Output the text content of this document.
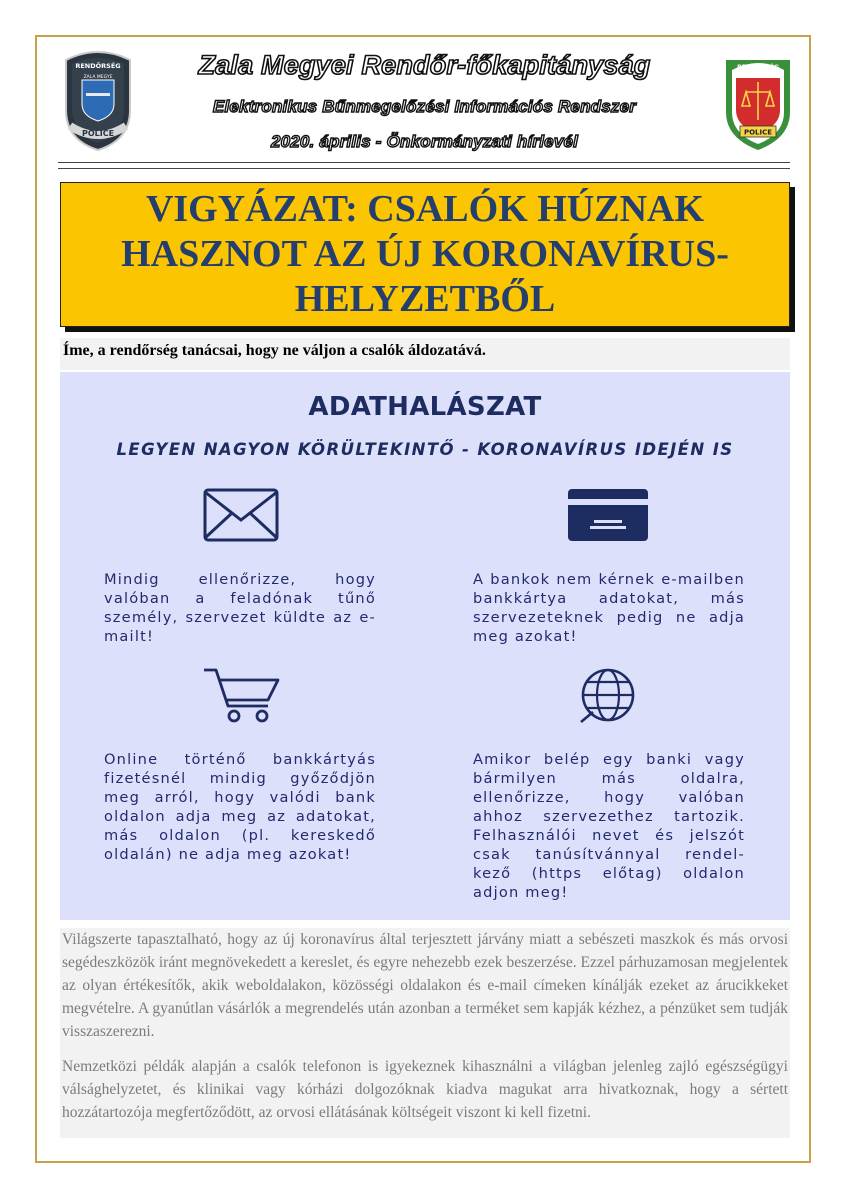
RENDŐRSÉG
ZALA MEGYE
POLICE
Zala Megyei Rendőr-főkapitányság
Elektronikus Bűnmegelőzési Információs Rendszer
2020. április - Önkormányzati hírlevél
RENDŐRSÉG
POLICE
VIGYÁZAT: CSALÓK HÚZNAK HASZNOT AZ ÚJ KORONAVÍRUS-HELYZETBŐL
Íme, a rendőrség tanácsai, hogy ne váljon a csalók áldozatává.
ADATHALÁSZAT
LEGYEN NAGYON KÖRÜLTEKINTŐ - KORONAVÍRUS IDEJÉN IS
Mindig ellenőrizze, hogy valóban a feladónak tűnő személy, szervezet küldte az e-mailt!
A bankok nem kérnek e-mailben bankkártya adatokat, más szervezeteknek pedig ne adja meg azokat!
Online történő bankkártyás fizetésnél mindig győződjön meg arról, hogy valódi bank oldalon adja meg az adatokat, más oldalon (pl. kereskedő oldalán) ne adja meg azokat!
Amikor belép egy banki vagy bármilyen más oldalra, ellenőrizze, hogy valóban ahhoz szervezethez tartozik. Felhasználói nevet és jelszót csak tanúsítvánnyal rendel-kező (https előtag) oldalon adjon meg!

Világszerte tapasztalható, hogy az új koronavírus által terjesztett járvány miatt a sebészeti maszkok és más orvosi segédeszközök iránt megnövekedett a kereslet, és egyre nehezebb ezek beszerzése. Ezzel párhuzamosan megjelentek az olyan értékesítők, akik weboldalakon, közösségi oldalakon és e-mail címeken kínálják ezeket az árucikkeket megvételre. A gyanútlan vásárlók a megrendelés után azonban a terméket sem kapják kézhez, a pénzüket sem tudják visszaszerezni.

Nemzetközi példák alapján a csalók telefonon is igyekeznek kihasználni a világban jelenleg zajló egészségügyi válsághelyzetet, és klinikai vagy kórházi dolgozóknak kiadva magukat arra hivatkoznak, hogy a sértett hozzátartozója megfertőződött, az orvosi ellátásának költségeit viszont ki kell fizetni.
